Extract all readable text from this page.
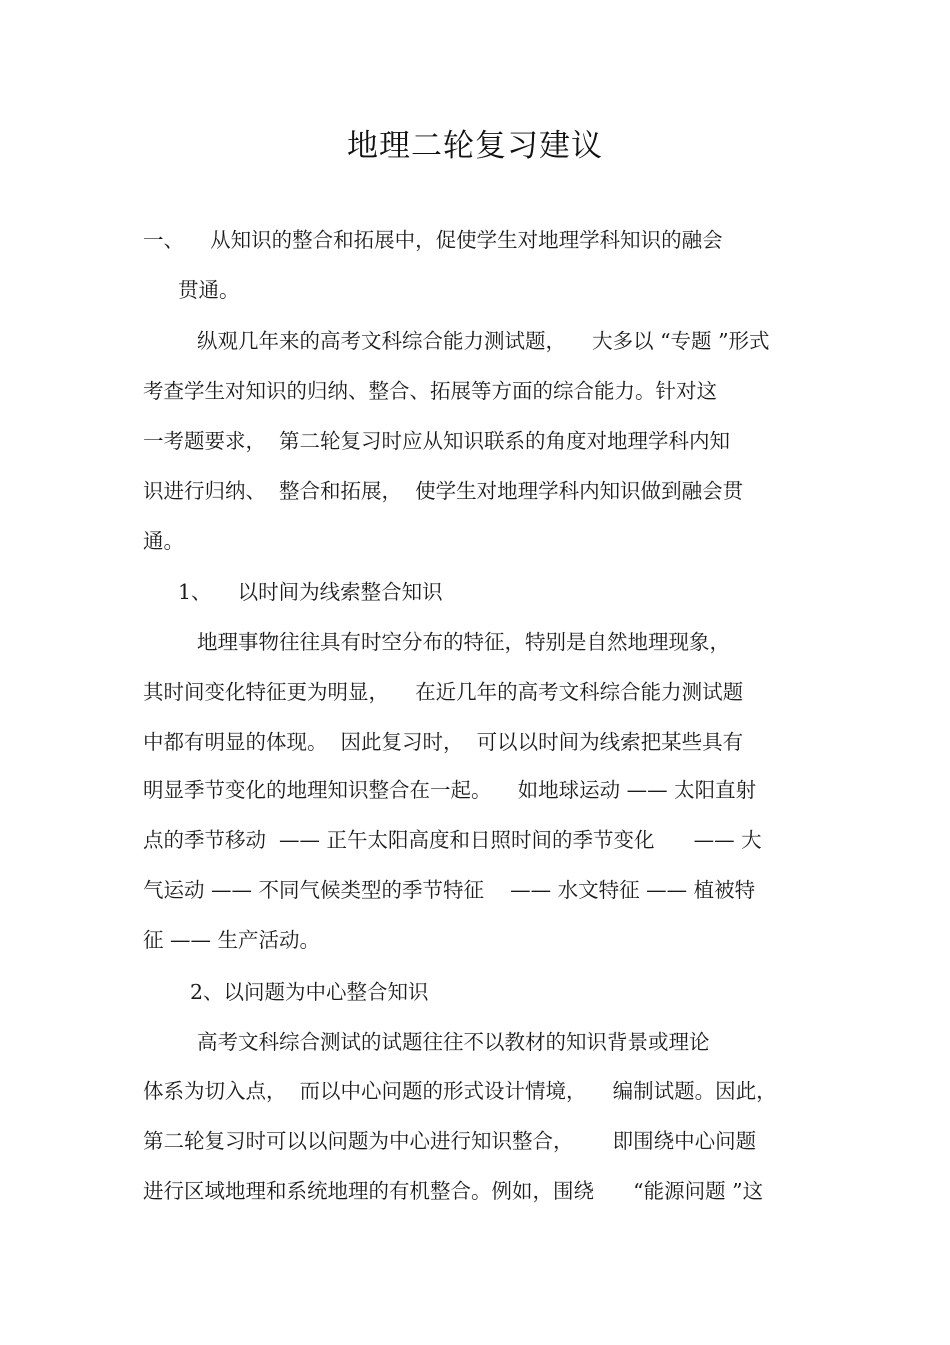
地理二轮复习建议
一、    从知识的整合和拓展中，促使学生对地理学科知识的融会
贯通。
纵观几年来的高考文科综合能力测试题，    大多以 “专题 ”形式
考查学生对知识的归纳、整合、拓展等方面的综合能力。针对这
一考题要求，  第二轮复习时应从知识联系的角度对地理学科内知
识进行归纳、  整合和拓展，  使学生对地理学科内知识做到融会贯
通。
1、    以时间为线索整合知识
地理事物往往具有时空分布的特征，特别是自然地理现象，
其时间变化特征更为明显，    在近几年的高考文科综合能力测试题
中都有明显的体现。  因此复习时，  可以以时间为线索把某些具有
明显季节变化的地理知识整合在一起。    如地球运动 —— 太阳直射
点的季节移动  —— 正午太阳高度和日照时间的季节变化      —— 大
气运动 —— 不同气候类型的季节特征    —— 水文特征 —— 植被特
征 —— 生产活动。
2、以问题为中心整合知识
高考文科综合测试的试题往往不以教材的知识背景或理论
体系为切入点，  而以中心问题的形式设计情境，    编制试题。因此，
第二轮复习时可以以问题为中心进行知识整合，      即围绕中心问题
进行区域地理和系统地理的有机整合。例如，围绕      “能源问题 ”这
